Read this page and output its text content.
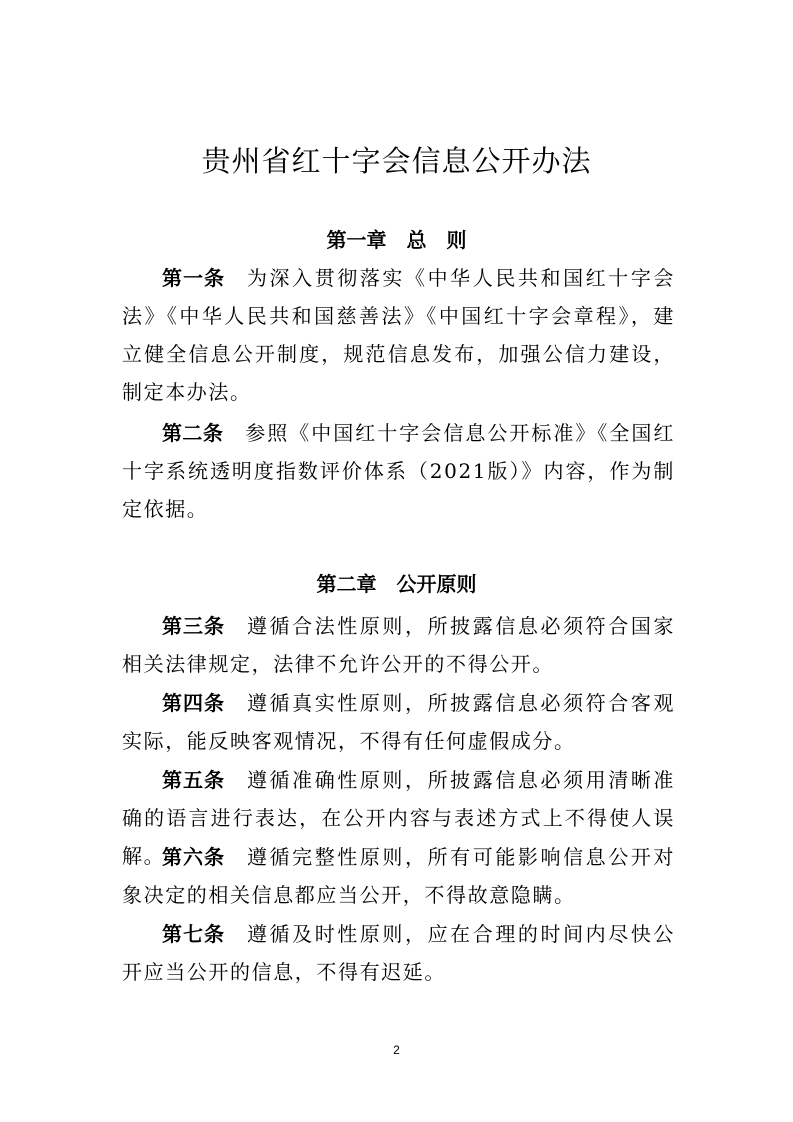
贵州省红十字会信息公开办法
第一章　总　则

第一条 为深入贯彻落实《中华人民共和国红十字会法》《中华人民共和国慈善法》《中国红十字会章程》，建立健全信息公开制度，规范信息发布，加强公信力建设，制定本办法。

第二条 参照《中国红十字会信息公开标准》《全国红十字系统透明度指数评价体系（2021版）》内容，作为制定依据。

第二章　公开原则

第三条 遵循合法性原则，所披露信息必须符合国家相关法律规定，法律不允许公开的不得公开。

第四条 遵循真实性原则，所披露信息必须符合客观实际，能反映客观情况，不得有任何虚假成分。

第五条 遵循准确性原则，所披露信息必须用清晰准确的语言进行表达，在公开内容与表述方式上不得使人误解。

第六条 遵循完整性原则，所有可能影响信息公开对象决定的相关信息都应当公开，不得故意隐瞒。

第七条 遵循及时性原则，应在合理的时间内尽快公开应当公开的信息，不得有迟延。

2
